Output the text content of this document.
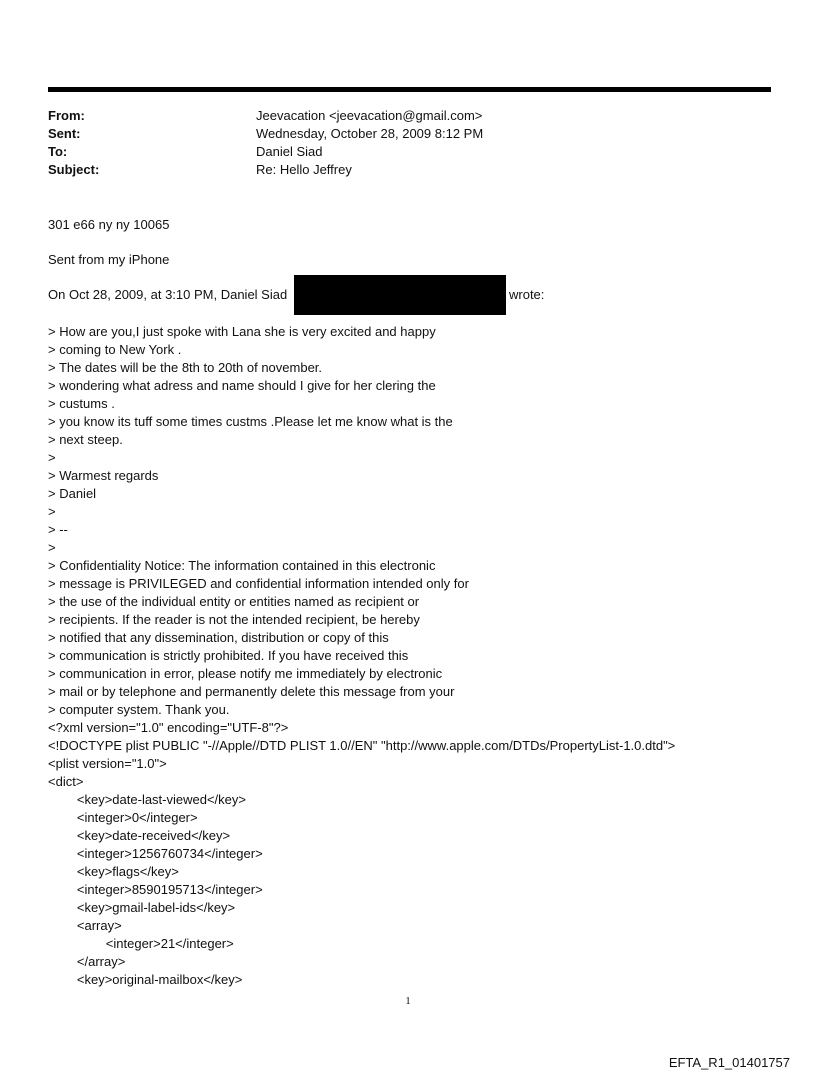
From:	Jeevacation <jeevacation@gmail.com>
Sent:	Wednesday, October 28, 2009 8:12 PM
To:	Daniel Siad
Subject:	Re: Hello Jeffrey
301 e66 ny ny 10065
Sent from my iPhone
On Oct 28, 2009, at 3:10 PM, Daniel Siad	wrote:
> How are you,I just spoke with Lana she is very excited and happy
> coming to New York .
> The dates will be the 8th to 20th of november.
> wondering what adress and name should I give for her clering the
> custums .
> you know its tuff some times custms .Please let me know what is the
> next steep.
>
> Warmest regards
> Daniel
>
> --
>
> Confidentiality Notice: The information contained in this electronic
> message is PRIVILEGED and confidential information intended only for
> the use of the individual entity or entities named as recipient or
> recipients. If the reader is not the intended recipient, be hereby
> notified that any dissemination, distribution or copy of this
> communication is strictly prohibited. If you have received this
> communication in error, please notify me immediately by electronic
> mail or by telephone and permanently delete this message from your
> computer system. Thank you.
<?xml version="1.0" encoding="UTF-8"?>
<!DOCTYPE plist PUBLIC "-//Apple//DTD PLIST 1.0//EN" "http://www.apple.com/DTDs/PropertyList-1.0.dtd">
<plist version="1.0">
<dict>
<key>date-last-viewed</key>
<integer>0</integer>
<key>date-received</key>
<integer>1256760734</integer>
<key>flags</key>
<integer>8590195713</integer>
<key>gmail-label-ids</key>
<array>
<integer>21</integer>
</array>
<key>original-mailbox</key>
1
EFTA_R1_01401757
